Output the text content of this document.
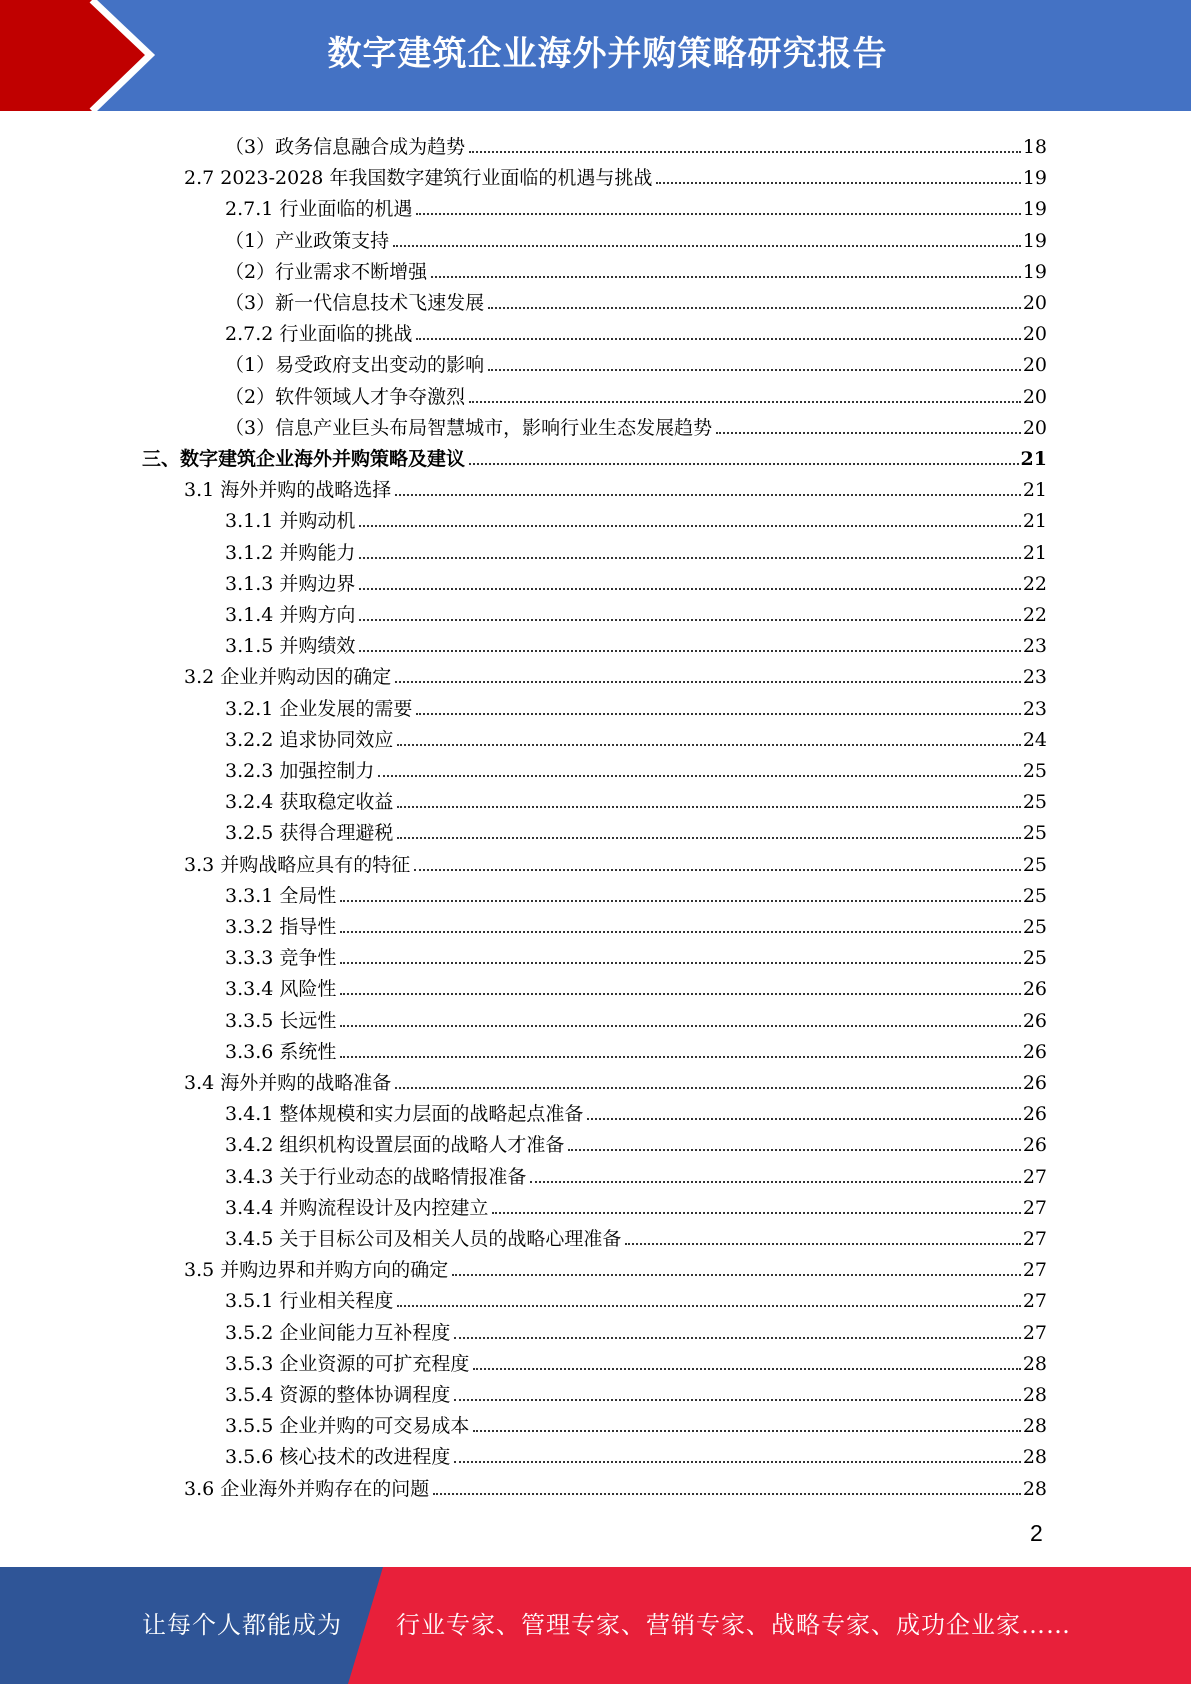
数字建筑企业海外并购策略研究报告
（3）政务信息融合成为趋势	18
2.7 2023-2028 年我国数字建筑行业面临的机遇与挑战	19
2.7.1 行业面临的机遇	19
（1）产业政策支持	19
（2）行业需求不断增强	19
（3）新一代信息技术飞速发展	20
2.7.2 行业面临的挑战	20
（1）易受政府支出变动的影响	20
（2）软件领域人才争夺激烈	20
（3）信息产业巨头布局智慧城市，影响行业生态发展趋势	20
三、数字建筑企业海外并购策略及建议	21
3.1 海外并购的战略选择	21
3.1.1 并购动机	21
3.1.2 并购能力	21
3.1.3 并购边界	22
3.1.4 并购方向	22
3.1.5 并购绩效	23
3.2 企业并购动因的确定	23
3.2.1 企业发展的需要	23
3.2.2 追求协同效应	24
3.2.3 加强控制力	25
3.2.4 获取稳定收益	25
3.2.5 获得合理避税	25
3.3 并购战略应具有的特征	25
3.3.1 全局性	25
3.3.2 指导性	25
3.3.3 竞争性	25
3.3.4 风险性	26
3.3.5 长远性	26
3.3.6 系统性	26
3.4 海外并购的战略准备	26
3.4.1 整体规模和实力层面的战略起点准备	26
3.4.2 组织机构设置层面的战略人才准备	26
3.4.3 关于行业动态的战略情报准备	27
3.4.4 并购流程设计及内控建立	27
3.4.5 关于目标公司及相关人员的战略心理准备	27
3.5 并购边界和并购方向的确定	27
3.5.1 行业相关程度	27
3.5.2 企业间能力互补程度	27
3.5.3 企业资源的可扩充程度	28
3.5.4 资源的整体协调程度	28
3.5.5 企业并购的可交易成本	28
3.5.6 核心技术的改进程度	28
3.6 企业海外并购存在的问题	28
2
让每个人都能成为 行业专家、管理专家、营销专家、战略专家、成功企业家……
